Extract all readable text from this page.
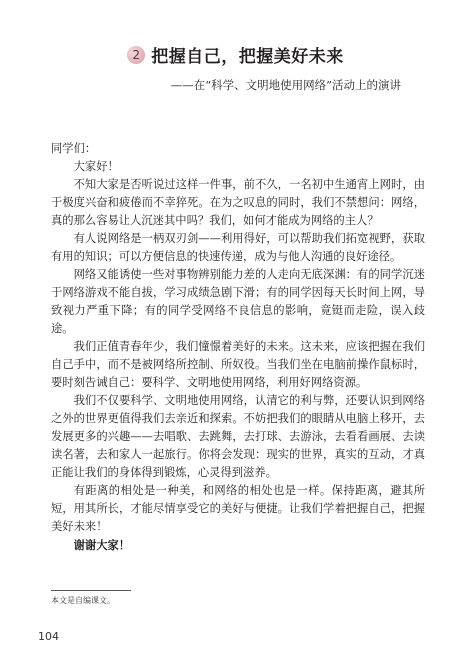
2 把握自己，把握美好未来
——在“科学、文明地使用网络”活动上的演讲

同学们：

大家好！

不知大家是否听说过这样一件事，前不久，一名初中生通宵上网时，由于极度兴奋和疲倦而不幸猝死。在为之叹息的同时，我们不禁想问：网络，真的那么容易让人沉迷其中吗？我们，如何才能成为网络的主人？

有人说网络是一柄双刃剑——利用得好，可以帮助我们拓宽视野，获取有用的知识；可以方便信息的快速传递，成为与他人沟通的良好途径。

网络又能诱使一些对事物辨别能力差的人走向无底深渊：有的同学沉迷于网络游戏不能自拔，学习成绩急剧下滑；有的同学因每天长时间上网，导致视力严重下降；有的同学受网络不良信息的影响，竟铤而走险，误入歧途。

我们正值青春年少，我们憧憬着美好的未来。这未来，应该把握在我们自己手中，而不是被网络所控制、所奴役。当我们坐在电脑前操作鼠标时，要时刻告诫自己：要科学、文明地使用网络，利用好网络资源。

我们不仅要科学、文明地使用网络，认清它的利与弊，还要认识到网络之外的世界更值得我们去亲近和探索。不妨把我们的眼睛从电脑上移开，去发展更多的兴趣——去唱歌、去跳舞，去打球、去游泳，去看看画展、去读读名著，去和家人一起旅行。你将会发现：现实的世界，真实的互动，才真正能让我们的身体得到锻炼，心灵得到滋养。

有距离的相处是一种美，和网络的相处也是一样。保持距离，避其所短，用其所长，才能尽情享受它的美好与便捷。让我们学着把握自己，把握美好未来！

谢谢大家！

本文是自编课文。
104
